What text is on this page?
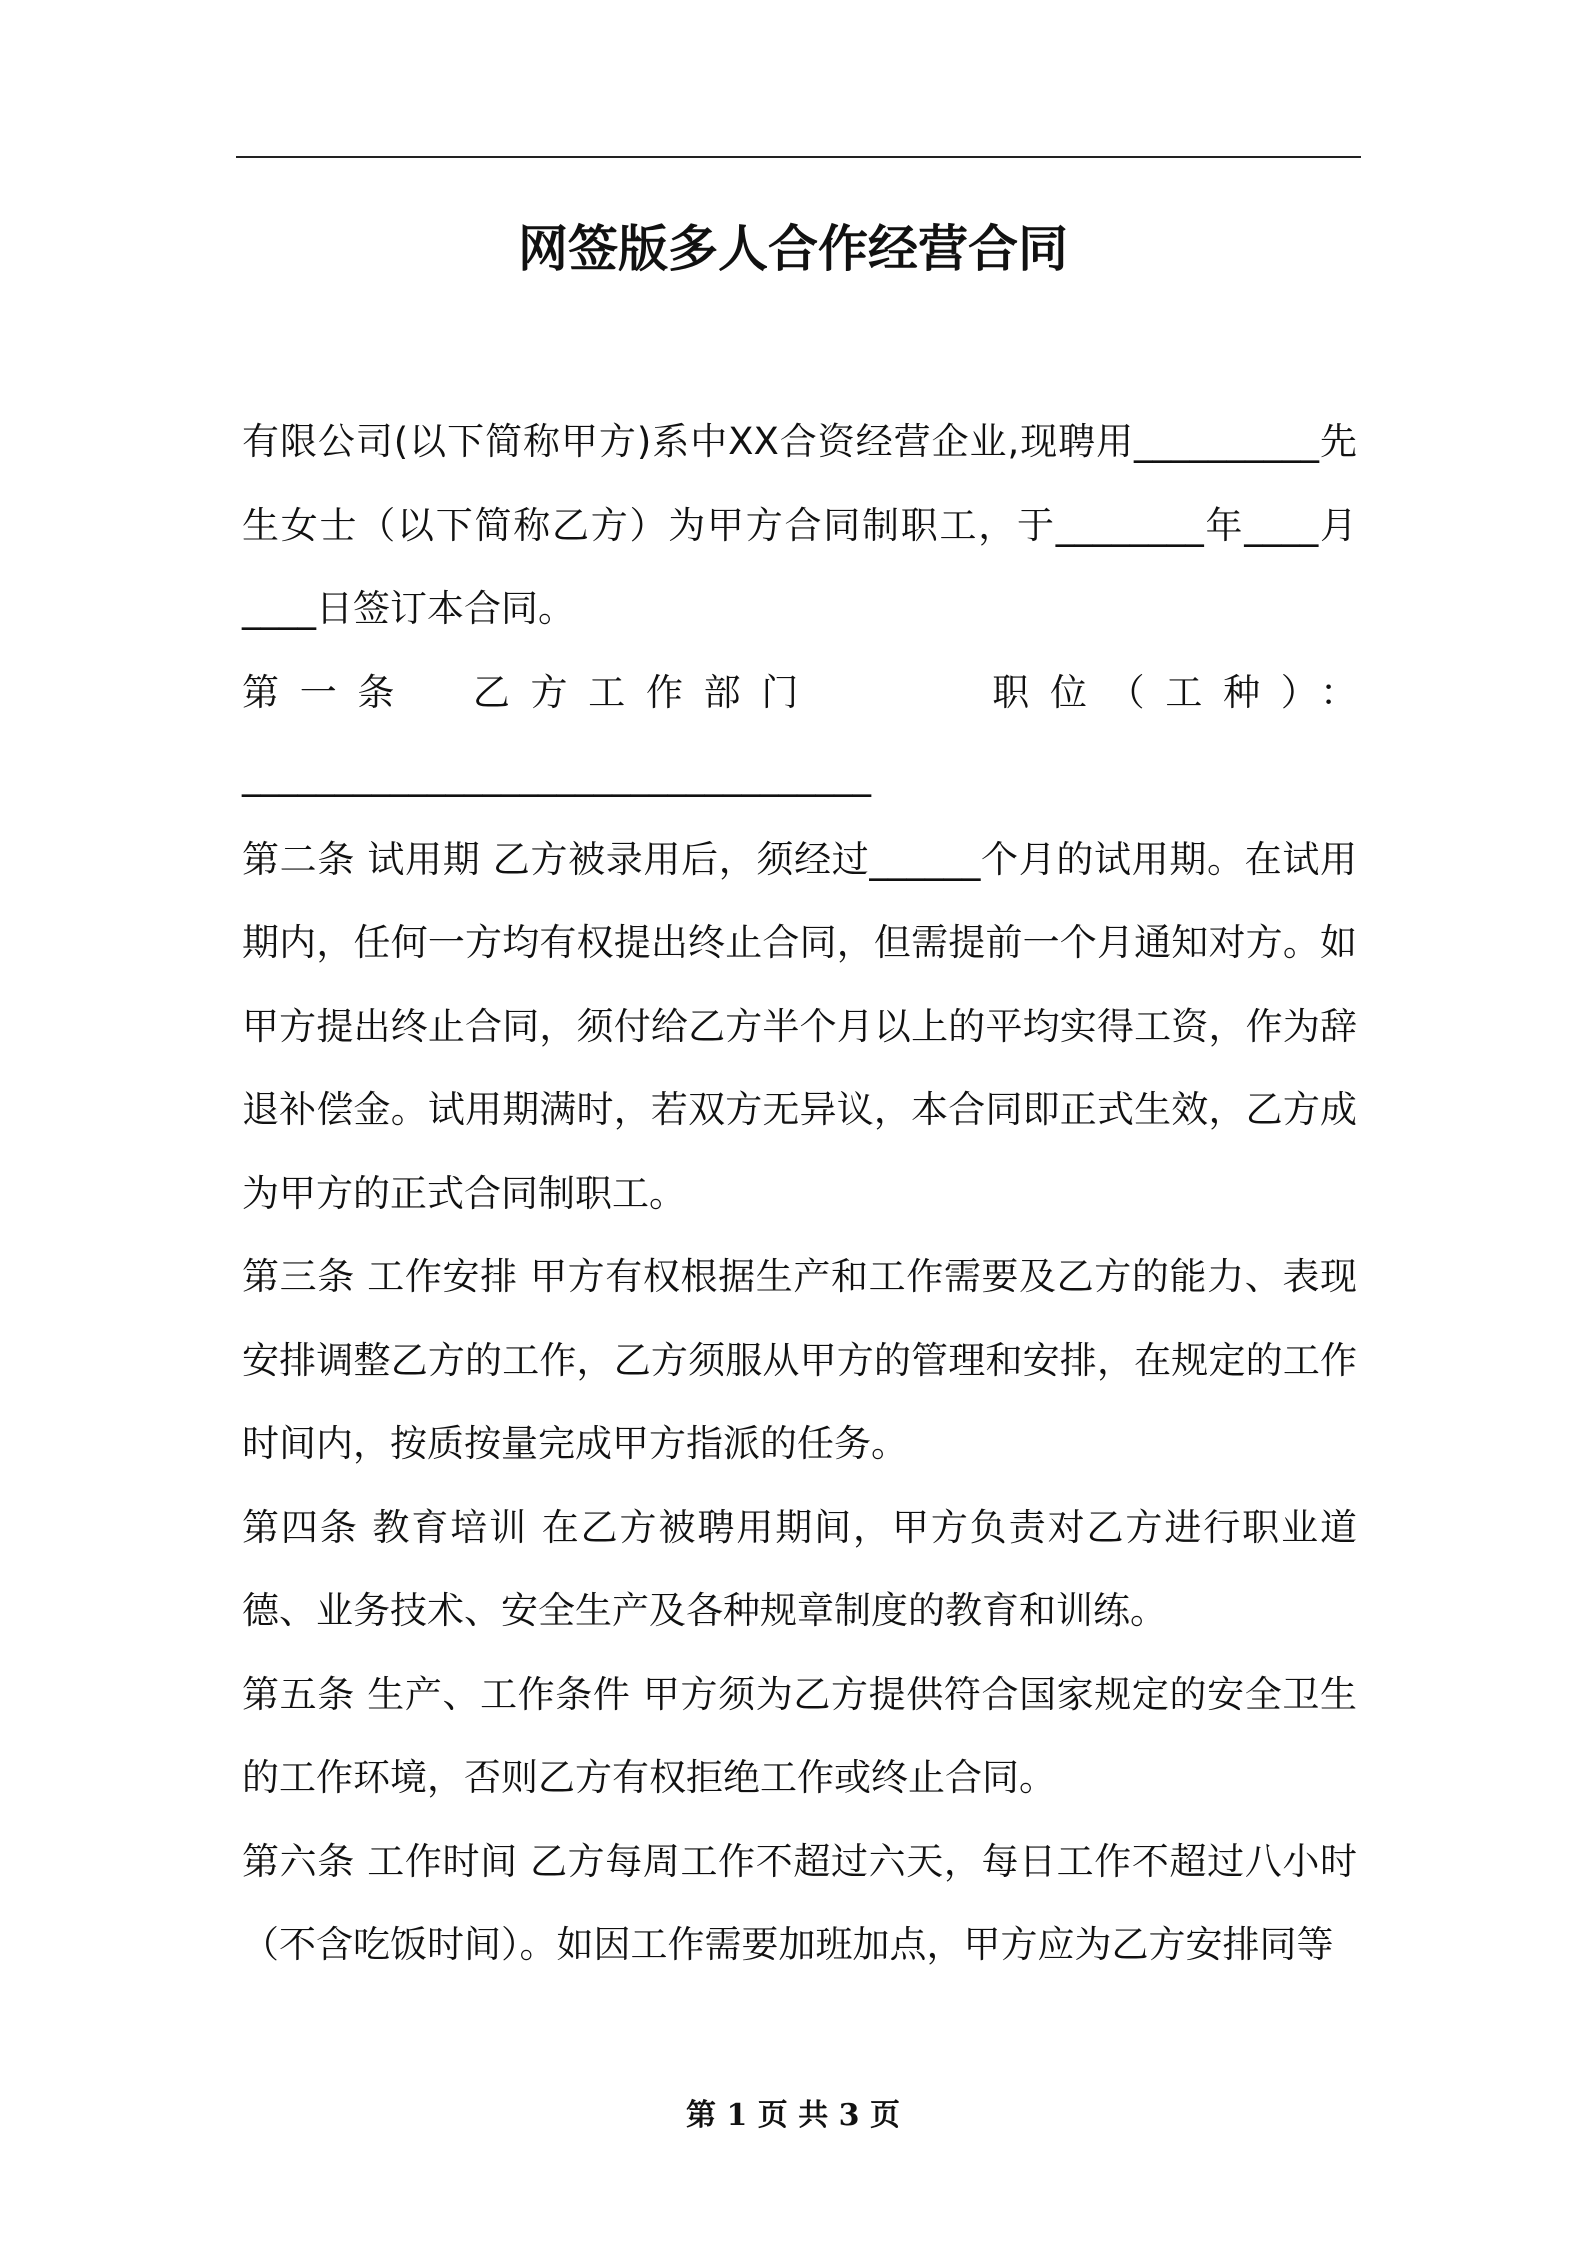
网签版多人合作经营合同

有限公司(以下简称甲方)系中XX合资经营企业,现聘用__________先生女士（以下简称乙方）为甲方合同制职工，于________年____月____日签订本合同。

第一条　乙方工作部门　　　职位（工种）：

__________________________________

第二条 试用期 乙方被录用后，须经过______个月的试用期。在试用期内，任何一方均有权提出终止合同，但需提前一个月通知对方。如甲方提出终止合同，须付给乙方半个月以上的平均实得工资，作为辞退补偿金。试用期满时，若双方无异议，本合同即正式生效，乙方成为甲方的正式合同制职工。

第三条 工作安排 甲方有权根据生产和工作需要及乙方的能力、表现安排调整乙方的工作，乙方须服从甲方的管理和安排，在规定的工作时间内，按质按量完成甲方指派的任务。

第四条 教育培训 在乙方被聘用期间，甲方负责对乙方进行职业道德、业务技术、安全生产及各种规章制度的教育和训练。

第五条 生产、工作条件 甲方须为乙方提供符合国家规定的安全卫生的工作环境，否则乙方有权拒绝工作或终止合同。

第六条 工作时间 乙方每周工作不超过六天，每日工作不超过八小时（不含吃饭时间）。如因工作需要加班加点，甲方应为乙方安排同等

第 1 页 共 3 页
